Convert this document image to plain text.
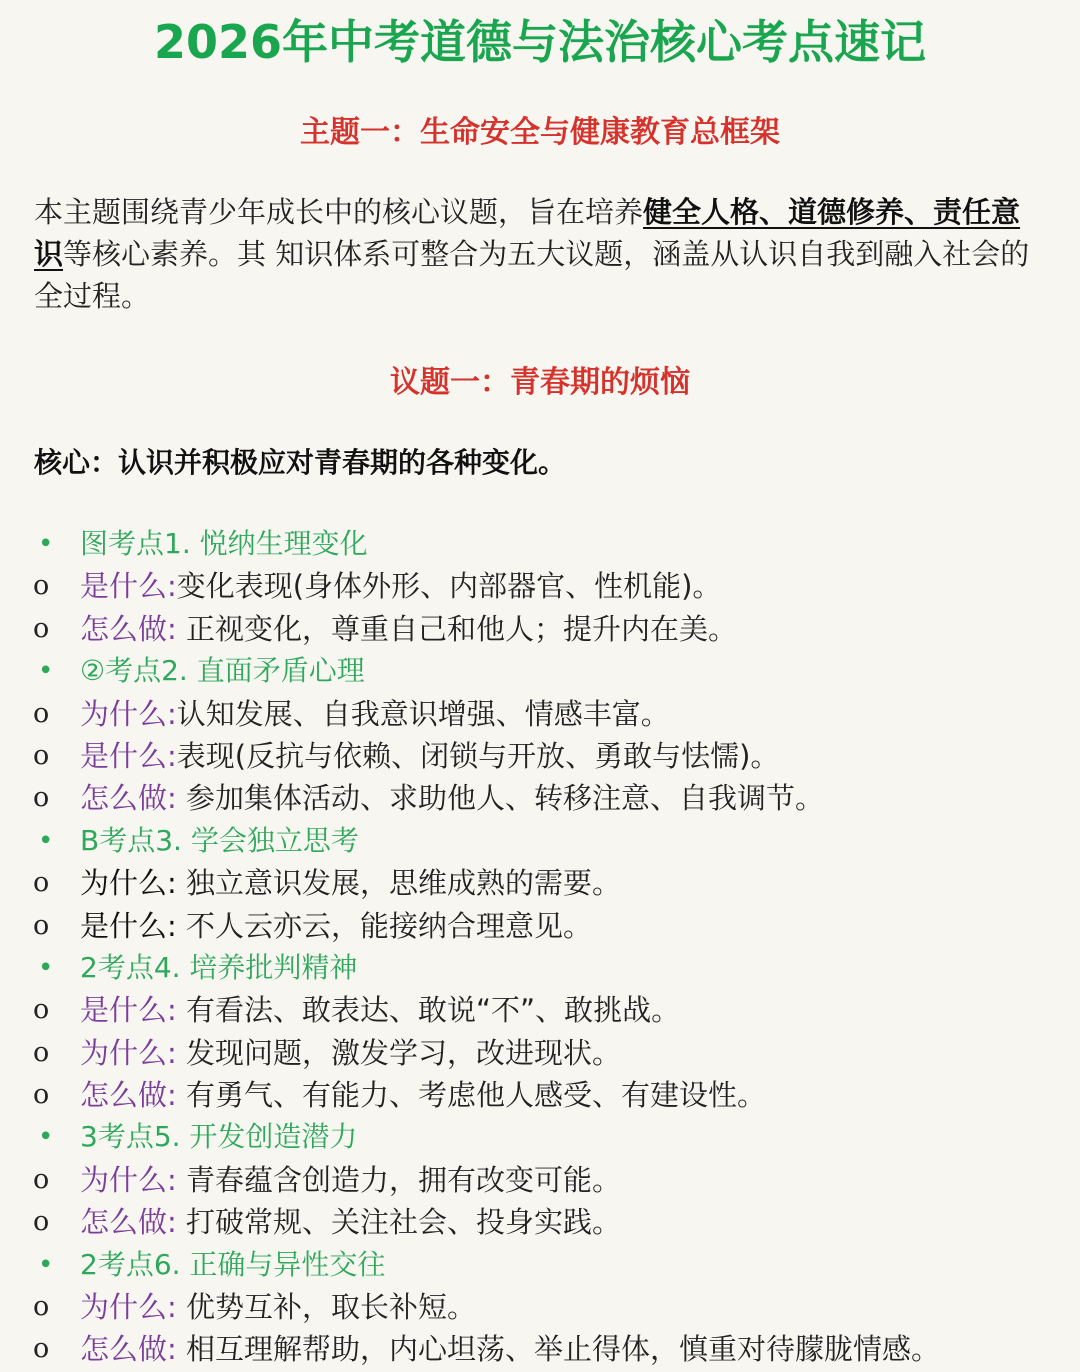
2026年中考道德与法治核心考点速记
主题一：生命安全与健康教育总框架

本主题围绕青少年成长中的核心议题，旨在培养健全人格、道德修养、责任意识等核心素养。其 知识体系可整合为五大议题，涵盖从认识自我到融入社会的全过程。

议题一：青春期的烦恼

核心：认识并积极应对青春期的各种变化。

• 图考点1. 悦纳生理变化
o 是什么:变化表现(身体外形、内部器官、性机能)。
o 怎么做: 正视变化，尊重自己和他人；提升内在美。
• ②考点2. 直面矛盾心理
o 为什么:认知发展、自我意识增强、情感丰富。
o 是什么:表现(反抗与依赖、闭锁与开放、勇敢与怯懦)。
o 怎么做: 参加集体活动、求助他人、转移注意、自我调节。
• B考点3. 学会独立思考
o 为什么: 独立意识发展，思维成熟的需要。
o 是什么: 不人云亦云，能接纳合理意见。
• 2考点4. 培养批判精神
o 是什么: 有看法、敢表达、敢说“不”、敢挑战。
o 为什么: 发现问题，激发学习，改进现状。
o 怎么做: 有勇气、有能力、考虑他人感受、有建设性。
• 3考点5. 开发创造潜力
o 为什么: 青春蕴含创造力，拥有改变可能。
o 怎么做: 打破常规、关注社会、投身实践。
• 2考点6. 正确与异性交往
o 为什么: 优势互补，取长补短。
o 怎么做: 相互理解帮助，内心坦荡、举止得体，慎重对待朦胧情感。
